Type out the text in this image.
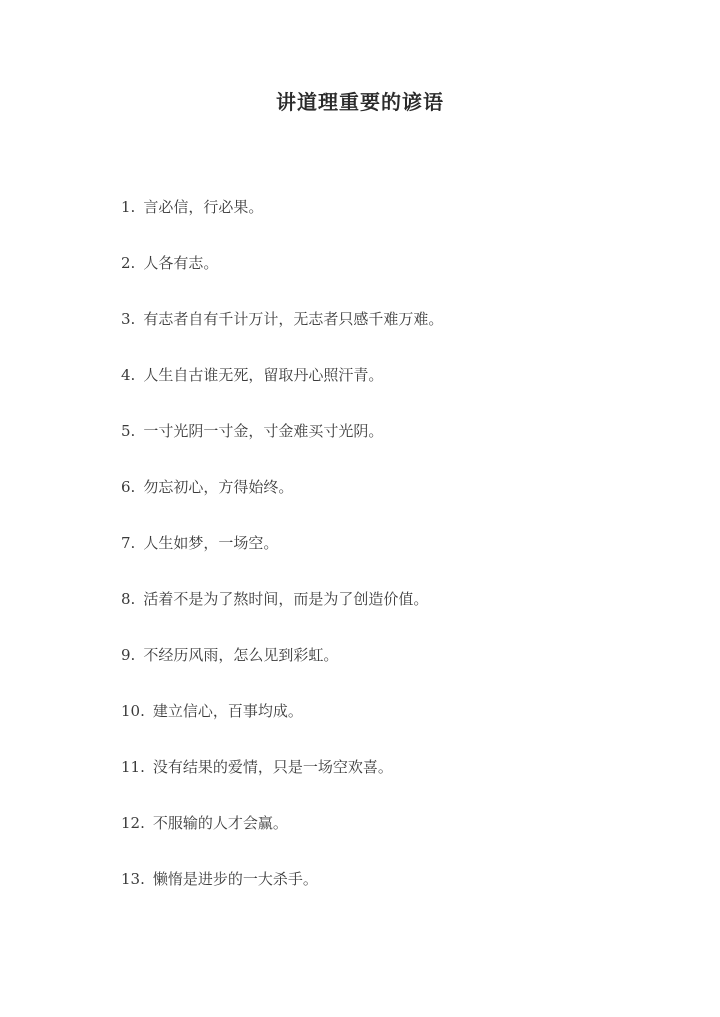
讲道理重要的谚语
1. 言必信，行必果。
2. 人各有志。
3. 有志者自有千计万计，无志者只感千难万难。
4. 人生自古谁无死，留取丹心照汗青。
5. 一寸光阴一寸金，寸金难买寸光阴。
6. 勿忘初心，方得始终。
7. 人生如梦，一场空。
8. 活着不是为了熬时间，而是为了创造价值。
9. 不经历风雨，怎么见到彩虹。
10. 建立信心，百事均成。
11. 没有结果的爱情，只是一场空欢喜。
12. 不服输的人才会赢。
13. 懒惰是进步的一大杀手。
